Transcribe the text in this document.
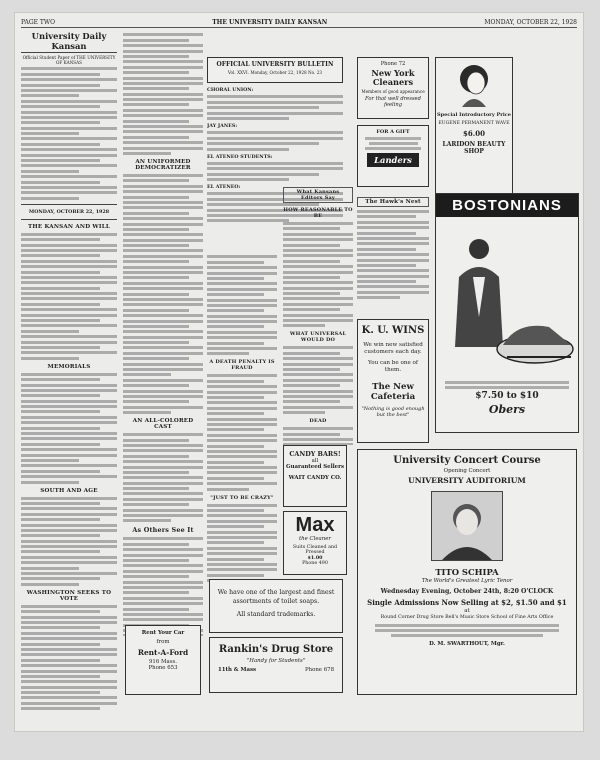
PAGE TWO	THE UNIVERSITY DAILY KANSAN	MONDAY, OCTOBER 22, 1928
University Daily Kansan
Official Student Paper of THE UNIVERSITY OF KANSAS
MONDAY, OCTOBER 22, 1928
THE KANSAN AND WILL
MEMORIALS
SOUTH AND AGE
WASHINGTON SEEKS TO VOTE
AN UNIFORMED DEMOCRATIZER
AN ALL-COLORED CAST
As Others See It
Rent Your Car
from
Rent-A-Ford
916 Mass.
Phone 653
OFFICIAL UNIVERSITY BULLETIN
Vol. XXVI. Monday, October 22, 1928 No. 23
CHORAL UNION:
JAY JANES:
EL ATENEO STUDENTS:
EL ATENEO:
A DEATH PENALTY IS FRAUD
"JUST TO BE CRAZY"
What Kansans Editors Say
HOW REASONABLE TO BE
WHAT UNIVERSAL WOULD DO
DEAD
CANDY BARS!
all
Guaranteed Sellers
WAIT CANDY CO.
Max
the Cleaner
Suits Cleaned and Pressed
$1.00
Phone 490
We have one of the largest and finest assortments of toilet soaps.
All standard trademarks.
Rankin's Drug Store
"Handy for Students"
11th & Mass	Phone 678
Phone 72
New York Cleaners
Members of good appearance
For that well dressed feeling
Special Introductory Price
EUGENE PERMANENT WAVE
$6.00
LARIDON BEAUTY SHOP
FOR A GIFT
Landers
The Hawk's Nest	BOSTONIANS
$7.50 to $10
Obers
K. U. WINS
We win new satisfied customers each day.
You can be one of them.
The New Cafeteria
"Nothing is good enough but the best"
University Concert Course
Opening Concert
UNIVERSITY AUDITORIUM
TITO SCHIPA
The World's Greatest Lyric Tenor
Wednesday Evening, October 24th, 8:20 O'CLOCK
Single Admissions Now Selling at $2, $1.50 and $1
at
Round Corner Drug Store Bell's Music Store School of Fine Arts Office
D. M. SWARTHOUT, Mgr.
